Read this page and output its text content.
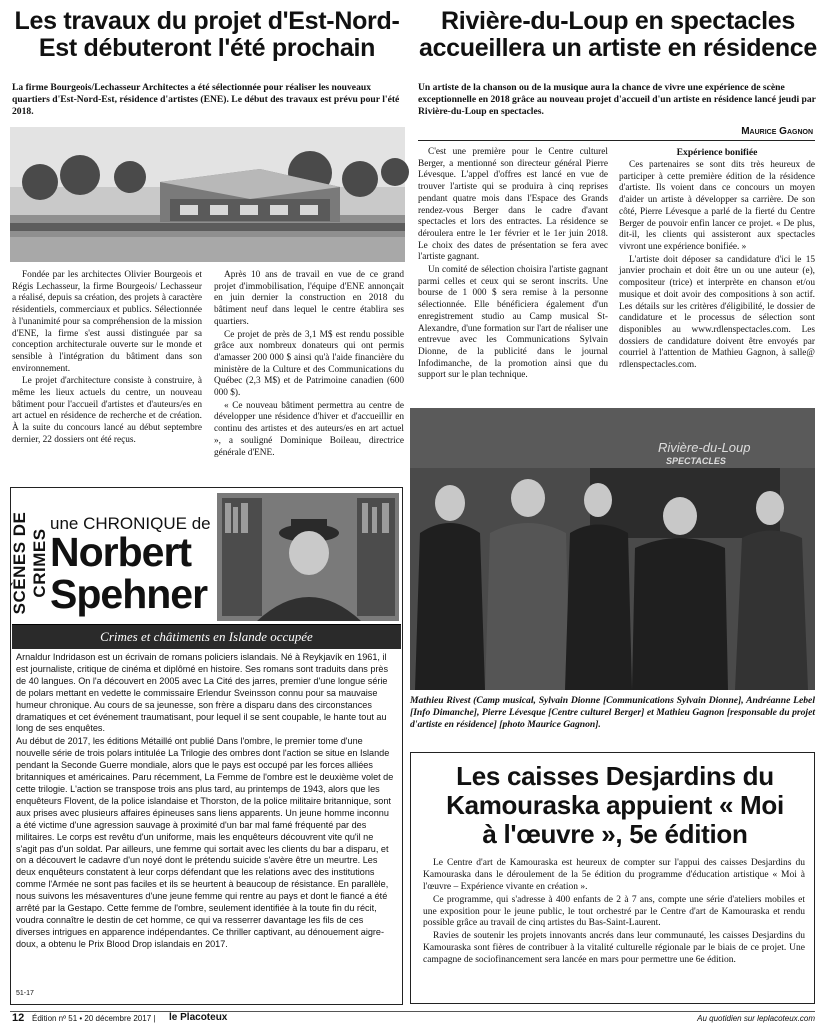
Les travaux du projet d'Est-Nord-Est débuteront l'été prochain
La firme Bourgeois/Lechasseur Architectes a été sélectionnée pour réaliser les nouveaux quartiers d'Est-Nord-Est, résidence d'artistes (ENE). Le début des travaux est prévu pour l'été 2018.

Fondée par les architectes Olivier Bourgeois et Régis Lechasseur, la firme Bourgeois/ Lechasseur a réalisé, depuis sa création, des projets à caractère résidentiels, commerciaux et publics. Sélectionnée à l'unanimité pour sa compréhension de la mission d'ENE, la firme s'est aussi distinguée par sa conception architecturale ouverte sur le monde et sensible à l'intégration du bâtiment dans son environnement.

Le projet d'architecture consiste à construire, à même les lieux actuels du centre, un nouveau bâtiment pour l'accueil d'artistes et d'auteurs/es en art actuel en résidence de recherche et de création. À la suite du concours lancé au début septembre dernier, 22 dossiers ont été reçus.

Après 10 ans de travail en vue de ce grand projet d'immobilisation, l'équipe d'ENE annonçait en juin dernier la construction en 2018 du bâtiment neuf dans lequel le centre établira ses quartiers.

Ce projet de près de 3,1 M$ est rendu possible grâce aux nombreux donateurs qui ont permis d'amasser 200 000 $ ainsi qu'à l'aide financière du ministère de la Culture et des Communications du Québec (2,3 M$) et de Patrimoine canadien (600 000 $).

« Ce nouveau bâtiment permettra au centre de développer une résidence d'hiver et d'accueillir en continu des artistes et des auteurs/es en art actuel », a souligné Dominique Boileau, directrice générale d'ENE.

Rivière-du-Loup en spectacles accueillera un artiste en résidence
Un artiste de la chanson ou de la musique aura la chance de vivre une expérience de scène exceptionnelle en 2018 grâce au nouveau projet d'accueil d'un artiste en résidence lancé jeudi par Rivière-du-Loup en spectacles.
Maurice Gagnon

C'est une première pour le Centre culturel Berger, a mentionné son directeur général Pierre Lévesque. L'appel d'offres est lancé en vue de trouver l'artiste qui se produira à cinq reprises pendant quatre mois dans l'Espace des Grands rendez-vous Berger dans le cadre d'avant spectacles et lors des entractes. La résidence se déroulera entre le 1er février et le 1er juin 2018. Le choix des dates de présentation se fera avec l'artiste gagnant.

Un comité de sélection choisira l'artiste gagnant parmi celles et ceux qui se seront inscrits. Une bourse de 1 000 $ sera remise à la personne sélectionnée. Elle bénéficiera également d'un enregistrement studio au Camp musical St-Alexandre, d'une formation sur l'art de réaliser une entrevue avec les Communications Sylvain Dionne, de la publicité dans le journal Infodimanche, de la promotion ainsi que du support sur le plan technique.

Expérience bonifiée

Ces partenaires se sont dits très heureux de participer à cette première édition de la résidence d'artiste. Ils voient dans ce concours un moyen d'aider un artiste à développer sa carrière. De son côté, Pierre Lévesque a parlé de la fierté du Centre Berger de pouvoir enfin lancer ce projet. « De plus, dit-il, les clients qui assisteront aux spectacles vivront une expérience bonifiée. »

L'artiste doit déposer sa candidature d'ici le 15 janvier prochain et doit être un ou une auteur (e), compositeur (trice) et interprète en chanson et/ou musique et doit avoir des compositions à son actif. Les détails sur les critères d'éligibilité, le dossier de candidature et le processus de sélection sont disponibles au www.rdlenspectacles.com. Les dossiers de candidature doivent être envoyés par courriel à l'attention de Mathieu Gagnon, à salle@ rdlenspectacles.com.

Rivière-du-Loup
SPECTACLES
Mathieu Rivest (Camp musical, Sylvain Dionne [Communications Sylvain Dionne], Andréanne Lebel [Info Dimanche], Pierre Lévesque [Centre culturel Berger] et Mathieu Gagnon [responsable du projet d'artiste en résidence] [photo Maurice Gagnon].
SCÈNES DE CRIMES
une CHRONIQUE de
Norbert
Spehner
Crimes et châtiments en Islande occupée

Arnaldur Indridason est un écrivain de romans policiers islandais. Né à Reykjavík en 1961, il est journaliste, critique de cinéma et diplômé en histoire. Ses romans sont traduits dans près de 40 langues. On l'a découvert en 2005 avec La Cité des jarres, premier d'une longue série de polars mettant en vedette le commissaire Erlendur Sveinsson connu pour sa mauvaise humeur chronique. Au cours de sa jeunesse, son frère a disparu dans des circonstances dramatiques et cet événement traumatisant, pour lequel il se sent coupable, le hante tout au long de ses enquêtes.

Au début de 2017, les éditions Métaillé ont publié Dans l'ombre, le premier tome d'une nouvelle série de trois polars intitulée La Trilogie des ombres dont l'action se situe en Islande pendant la Seconde Guerre mondiale, alors que le pays est occupé par les forces alliées britanniques et américaines. Paru récemment, La Femme de l'ombre est le deuxième volet de cette trilogie. L'action se transpose trois ans plus tard, au printemps de 1943, alors que les enquêteurs Flovent, de la police islandaise et Thorston, de la police militaire britannique, sont aux prises avec plusieurs affaires épineuses sans liens apparents. Un jeune homme inconnu a été victime d'une agression sauvage à proximité d'un bar mal famé fréquenté par des militaires. Le corps est revêtu d'un uniforme, mais les enquêteurs découvrent vite qu'il ne s'agit pas d'un soldat. Par ailleurs, une femme qui sortait avec les clients du bar a disparu, et on a découvert le cadavre d'un noyé dont le prétendu suicide s'avère être un meurtre. Les deux enquêteurs constatent à leur corps défendant que les relations avec des institutions comme l'Armée ne sont pas faciles et ils se heurtent à beaucoup de résistance. En parallèle, nous suivons les mésaventures d'une jeune femme qui rentre au pays et dont le fiancé a été arrêté par la Gestapo. Cette femme de l'ombre, seulement identifiée à la toute fin du récit, voudra connaître le destin de cet homme, ce qui va resserrer davantage les fils de ces diverses intrigues en apparence indépendantes. Ce thriller captivant, au dénouement aigre-doux, a obtenu le Prix Blood Drop islandais en 2017.

51-17
Les caisses Desjardins du Kamouraska appuient « Moi à l'œuvre », 5e édition

Le Centre d'art de Kamouraska est heureux de compter sur l'appui des caisses Desjardins du Kamouraska dans le déroulement de la 5e édition du programme d'éducation artistique « Moi à l'œuvre – Expérience vivante en création ».

Ce programme, qui s'adresse à 400 enfants de 2 à 7 ans, compte une série d'ateliers mobiles et une exposition pour le jeune public, le tout orchestré par le Centre d'art de Kamouraska et rendu possible grâce au travail de cinq artistes du Bas-Saint-Laurent.

Ravies de soutenir les projets innovants ancrés dans leur communauté, les caisses Desjardins du Kamouraska sont fières de contribuer à la vitalité culturelle régionale par le biais de ce projet. Une campagne de sociofinancement sera lancée en mars pour permettre une 6e édition.

12 Édition nº 51 • 20 décembre 2017 | le Placoteux	Au quotidien sur leplacoteux.com
